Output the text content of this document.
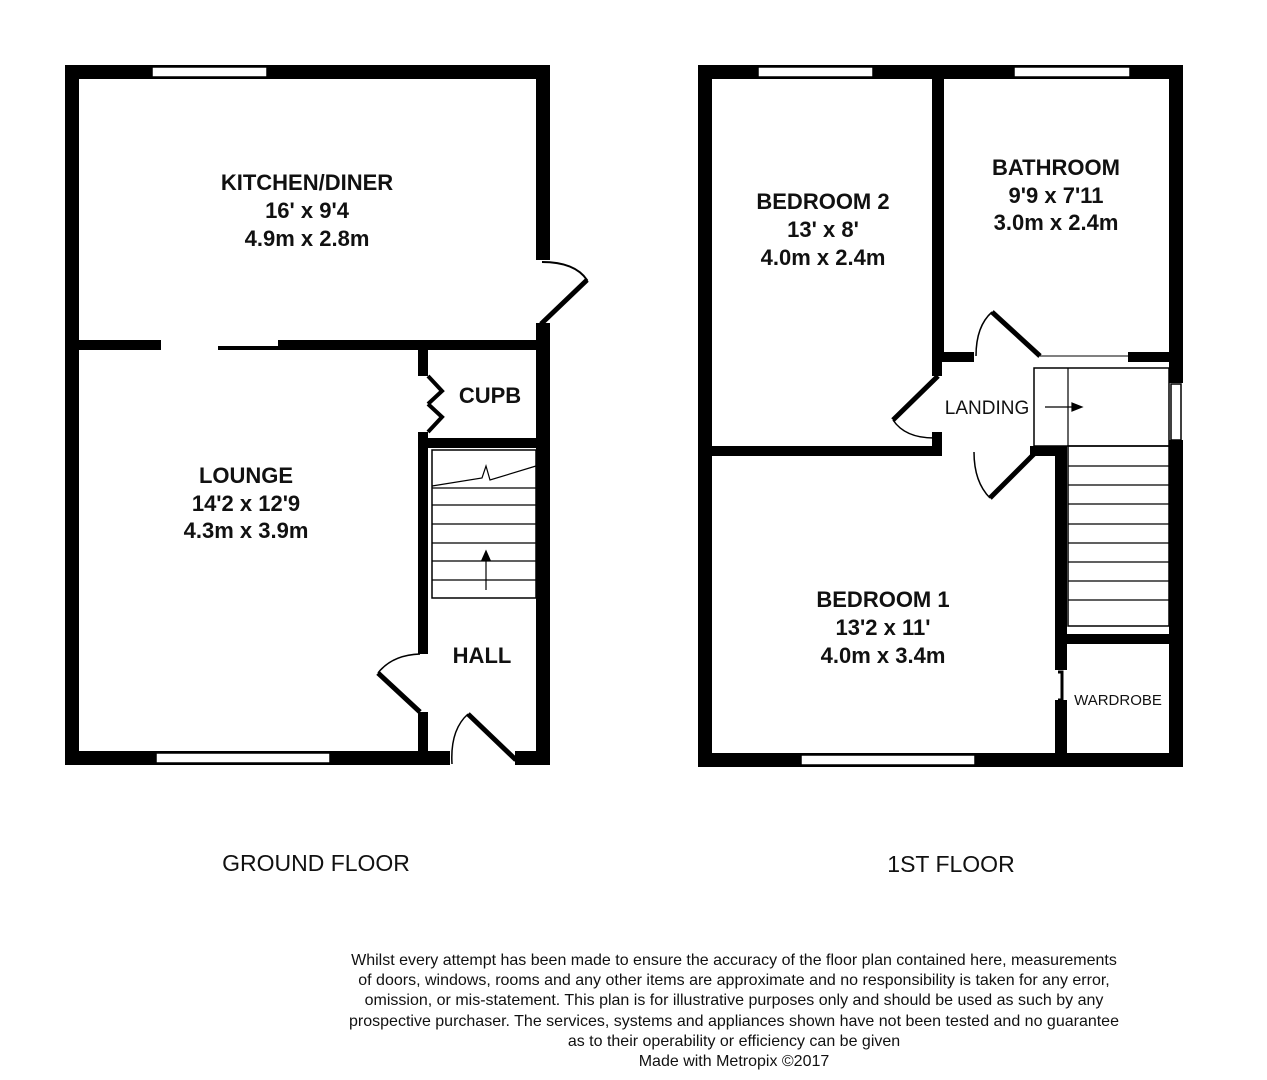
KITCHEN/DINER
16' x 9'4
4.9m x 2.8m
LOUNGE
14'2 x 12'9
4.3m x 3.9m
CUPB
HALL
BEDROOM 2
13' x 8'
4.0m x 2.4m
BATHROOM
9'9 x 7'11
3.0m x 2.4m
LANDING
BEDROOM 1
13'2 x 11'
4.0m x 3.4m
WARDROBE
GROUND FLOOR	1ST FLOOR
Whilst every attempt has been made to ensure the accuracy of the floor plan contained here, measurements
of doors, windows, rooms and any other items are approximate and no responsibility is taken for any error,
omission, or mis-statement. This plan is for illustrative purposes only and should be used as such by any
prospective purchaser. The services, systems and appliances shown have not been tested and no guarantee
as to their operability or efficiency can be given
Made with Metropix ©2017
